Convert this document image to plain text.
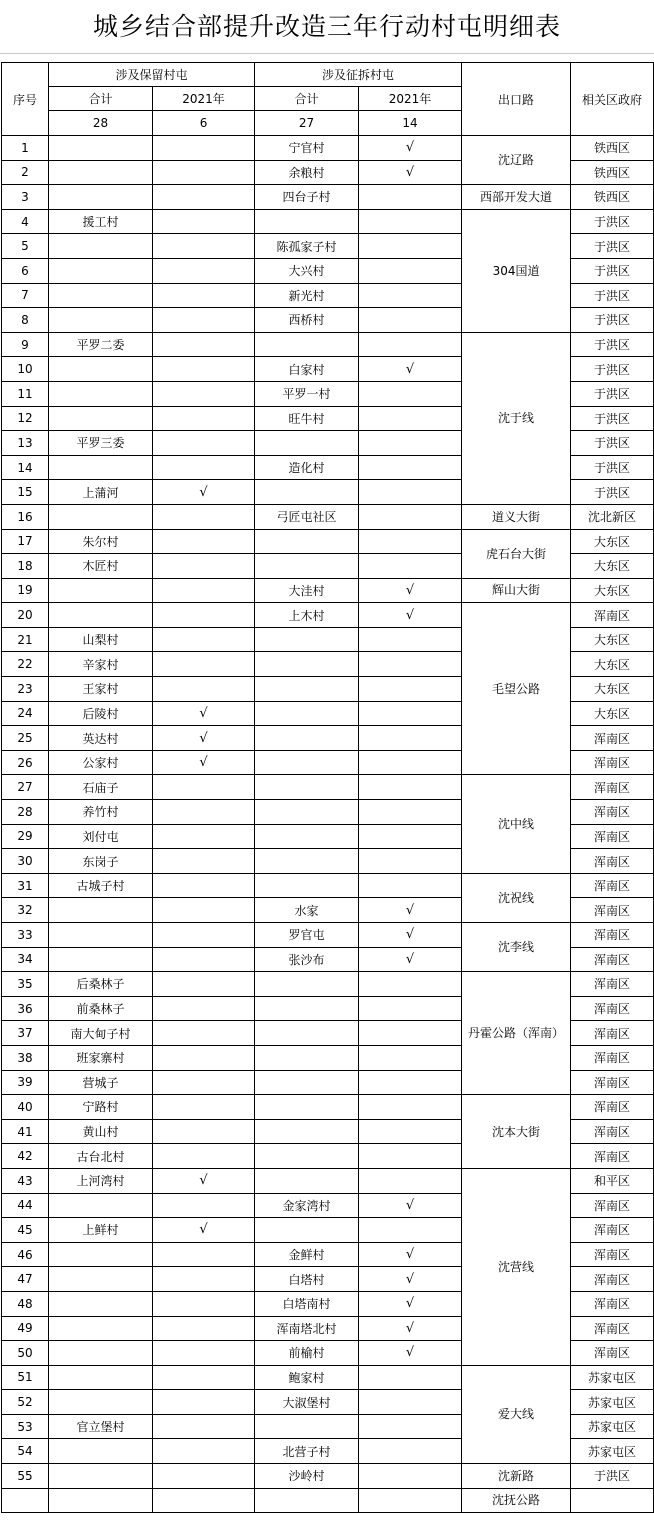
城乡结合部提升改造三年行动村屯明细表
序号	涉及保留村屯		涉及征拆村屯		出口路	相关区政府
	合计	2021年	合计	2021年		
	28	6	27	14		
1			宁官村	√	沈辽路	铁西区
2			余粮村	√		铁西区
3			四台子村		西部开发大道	铁西区
4	援工村				304国道	于洪区
5			陈孤家子村			于洪区
6			大兴村			于洪区
7			新光村			于洪区
8			西桥村			于洪区
9	平罗二委				沈于线	于洪区
10			白家村	√		于洪区
11			平罗一村			于洪区
12			旺牛村			于洪区
13	平罗三委					于洪区
14			造化村			于洪区
15	上蒲河	√				于洪区
16			弓匠屯社区		道义大街	沈北新区
17	朱尔村				虎石台大街	大东区
18	木匠村					大东区
19			大洼村	√	辉山大街	大东区
20			上木村	√	毛望公路	浑南区
21	山梨村					大东区
22	辛家村					大东区
23	王家村					大东区
24	后陵村	√				大东区
25	英达村	√				浑南区
26	公家村	√				浑南区
27	石庙子				沈中线	浑南区
28	养竹村					浑南区
29	刘付屯					浑南区
30	东岗子					浑南区
31	古城子村				沈祝线	浑南区
32			水家	√		浑南区
33			罗官屯	√	沈李线	浑南区
34			张沙布	√		浑南区
35	后桑林子				丹霍公路（浑南）	浑南区
36	前桑林子					浑南区
37	南大甸子村					浑南区
38	班家寨村					浑南区
39	营城子					浑南区
40	宁路村				沈本大街	浑南区
41	黄山村					浑南区
42	古台北村					浑南区
43	上河湾村	√			沈营线	和平区
44			金家湾村	√		浑南区
45	上鲜村	√				浑南区
46			金鲜村	√		浑南区
47			白塔村	√		浑南区
48			白塔南村	√		浑南区
49			浑南塔北村	√		浑南区
50			前榆村	√		浑南区
51			鲍家村		爱大线	苏家屯区
52			大淑堡村			苏家屯区
53	官立堡村					苏家屯区
54			北营子村			苏家屯区
55			沙岭村		沈新路	于洪区
					沈抚公路	
